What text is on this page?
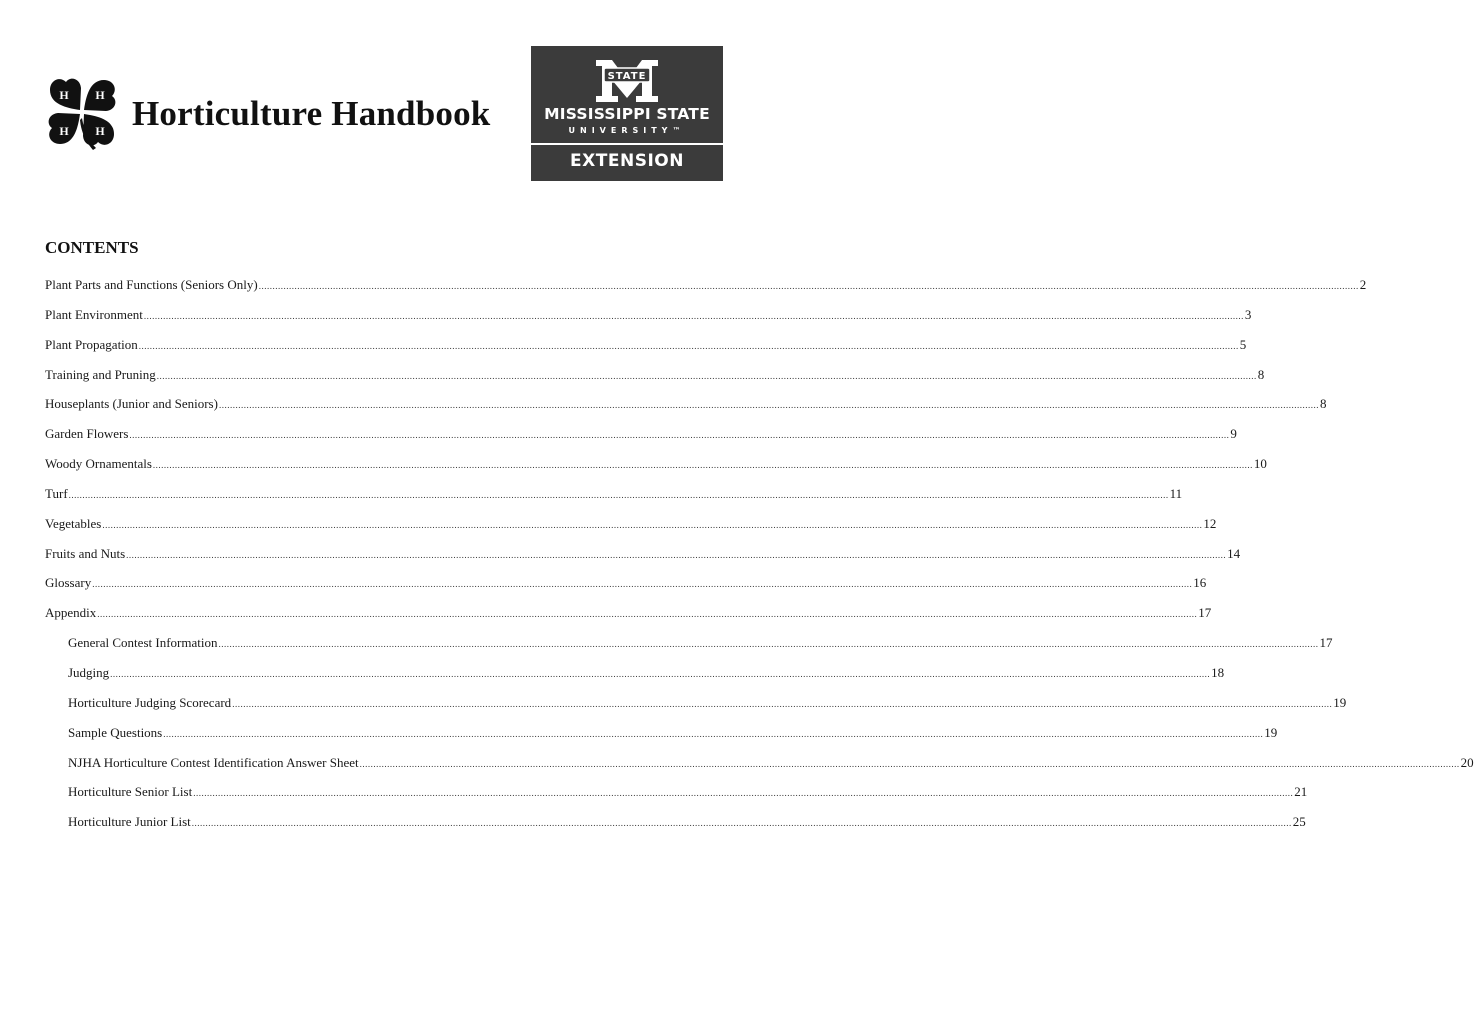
H H
H H Horticulture Handbook
STATE
MISSISSIPPI STATE
UNIVERSITY™
EXTENSION
CONTENTS
Plant Parts and Functions (Seniors Only) ................................................................................................................................................................................................................................................................................................................................................................................................................ 2
Plant Environment ................................................................................................................................................................................................................................................................................................................................................................................................................ 3
Plant Propagation ................................................................................................................................................................................................................................................................................................................................................................................................................ 5
Training and Pruning ................................................................................................................................................................................................................................................................................................................................................................................................................ 8
Houseplants (Junior and Seniors) ................................................................................................................................................................................................................................................................................................................................................................................................................ 8
Garden Flowers ................................................................................................................................................................................................................................................................................................................................................................................................................ 9
Woody Ornamentals ................................................................................................................................................................................................................................................................................................................................................................................................................ 10
Turf ................................................................................................................................................................................................................................................................................................................................................................................................................ 11
Vegetables ................................................................................................................................................................................................................................................................................................................................................................................................................ 12
Fruits and Nuts ................................................................................................................................................................................................................................................................................................................................................................................................................ 14
Glossary ................................................................................................................................................................................................................................................................................................................................................................................................................ 16
Appendix ................................................................................................................................................................................................................................................................................................................................................................................................................ 17
General Contest Information ................................................................................................................................................................................................................................................................................................................................................................................................................ 17
Judging ................................................................................................................................................................................................................................................................................................................................................................................................................ 18
Horticulture Judging Scorecard ................................................................................................................................................................................................................................................................................................................................................................................................................ 19
Sample Questions ................................................................................................................................................................................................................................................................................................................................................................................................................ 19
NJHA Horticulture Contest Identification Answer Sheet ................................................................................................................................................................................................................................................................................................................................................................................................................ 20
Horticulture Senior List ................................................................................................................................................................................................................................................................................................................................................................................................................ 21
Horticulture Junior List ................................................................................................................................................................................................................................................................................................................................................................................................................ 25
